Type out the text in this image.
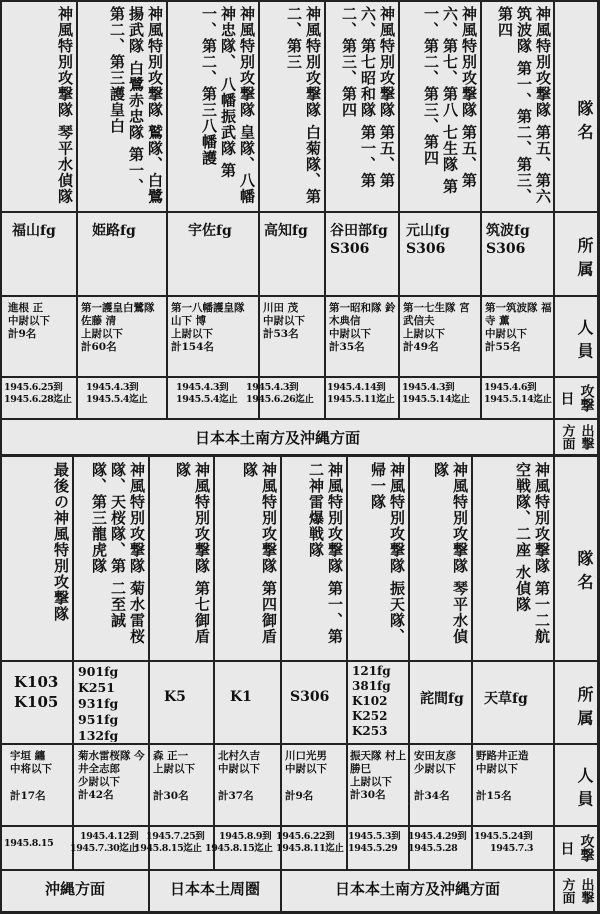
隊 名
所 属
人 員
攻撃 日
出撃 方面
隊 名
所 属
人 員
攻撃 日
出撃 方面
神風特別攻撃隊 第五、第六筑波隊 第一、第二、第三、第四
筑波fg S306
第一筑波隊 福寺 薫
中尉以下
計55名
1945.4.6到
1945.5.14迄止
神風特別攻撃隊 第五、第六、第七、第八 七生隊 第一、第二、第三、第四
元山fg S306
第一七生隊 宮武信夫
上尉以下
計49名
1945.4.3到
1945.5.14迄止
神風特別攻撃隊 第五、第六、第七昭和隊 第一、第二、第三、第四
谷田部fg S306
第一昭和隊 鈴木典信
中尉以下
計35名
1945.4.14到
1945.5.11迄止
神風特別攻撃隊 白菊隊、第二、第三
高知fg
川田 茂
中尉以下
計53名
1945.4.3到
1945.6.26迄止
神風特別攻撃隊 皇隊、八幡神忠隊、 八幡振武隊 第一、第二、第三八幡護
宇佐fg
第一八幡護皇隊 山下 博
上尉以下
計154名
1945.4.3到
1945.5.4迄止
神風特別攻撃隊 鷲隊、白鷺揚武隊 白鷺赤忠隊 第一、第二、第三護皇白
姫路fg
第一護皇白鷺隊 佐藤 清
上尉以下
計60名
1945.4.3到
1945.5.4迄止
神風特別攻撃隊 琴平水偵隊
福山fg
進根 正
中尉以下
計9名
1945.6.25到
1945.6.28迄止
日本本土南方及沖縄方面
神風特別攻撃隊 第一二航空戦隊、二座 水偵隊
天草fg
野路井正造
中尉以下
計15名
1945.5.24到
1945.7.3
神風特別攻撃隊 琴平水偵隊
詫間fg
安田友彦
少尉以下
計34名
1945.4.29到
1945.5.28
神風特別攻撃隊 振天隊、帰一隊
121fg 381fg K102 K252 K253
振天隊 村上勝巳
上尉以下
計30名
1945.5.3到
1945.5.29
神風特別攻撃隊 第一、第二神雷爆戦隊
S306
川口光男
中尉以下
計9名
1945.6.22到
1945.8.11迄止
神風特別攻撃隊 第四御盾隊
K1
北村久吉
中尉以下
計37名
1945.8.9到
1945.8.15迄止
神風特別攻撃隊 第七御盾隊
K5
森 正一
上尉以下
計30名
1945.7.25到
1945.8.15迄止
神風特別攻撃隊 菊水雷桜隊、天桜隊、第 二至誠隊、第三龍虎隊
901fg K251 931fg 951fg 132fg
菊水雷桜隊 今井全志郎
少尉以下
計42名
1945.4.12到
1945.7.30迄止
最後の神風特別攻撃隊
K103 K105
宇垣 纏
中将以下
計17名
1945.8.15
日本本土南方及沖縄方面
日本本土周圏
沖縄方面
